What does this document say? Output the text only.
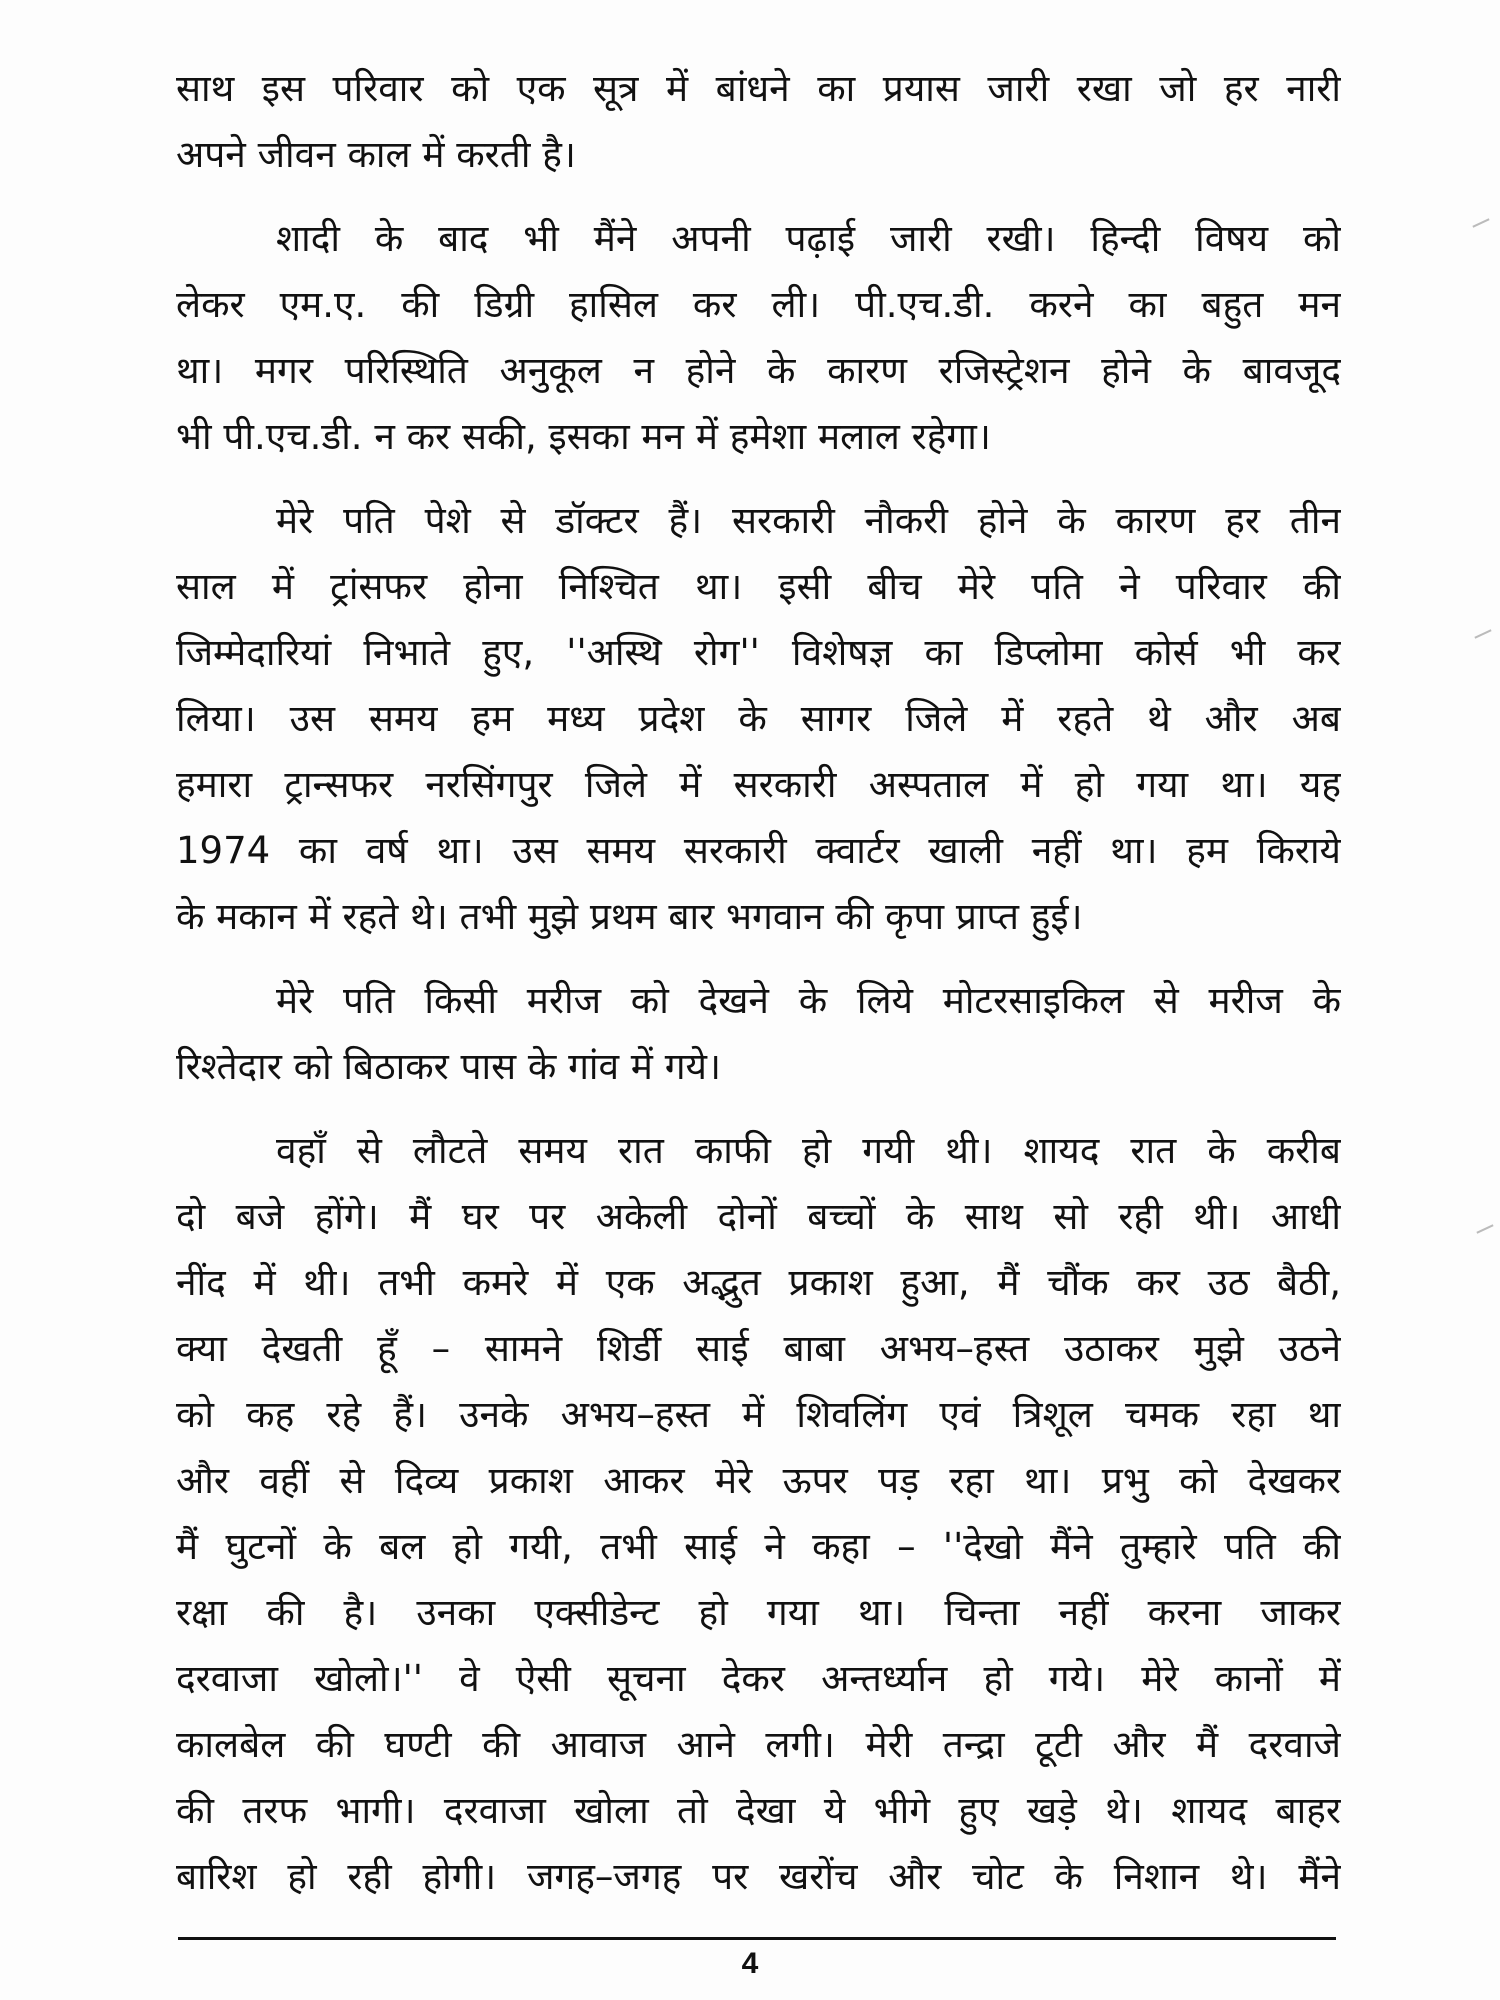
साथ इस परिवार को एक सूत्र में बांधने का प्रयास जारी रखा जो हर नारी
अपने जीवन काल में करती है।
शादी के बाद भी मैंने अपनी पढ़ाई जारी रखी। हिन्दी विषय को
लेकर एम.ए. की डिग्री हासिल कर ली। पी.एच.डी. करने का बहुत मन
था। मगर परिस्थिति अनुकूल न होने के कारण रजिस्ट्रेशन होने के बावजूद
भी पी.एच.डी. न कर सकी, इसका मन में हमेशा मलाल रहेगा।
मेरे पति पेशे से डॉक्टर हैं। सरकारी नौकरी होने के कारण हर तीन
साल में ट्रांसफर होना निश्चित था। इसी बीच मेरे पति ने परिवार की
जिम्मेदारियां निभाते हुए, ''अस्थि रोग'' विशेषज्ञ का डिप्लोमा कोर्स भी कर
लिया। उस समय हम मध्य प्रदेश के सागर जिले में रहते थे और अब
हमारा ट्रान्सफर नरसिंगपुर जिले में सरकारी अस्पताल में हो गया था। यह
1974 का वर्ष था। उस समय सरकारी क्वार्टर खाली नहीं था। हम किराये
के मकान में रहते थे। तभी मुझे प्रथम बार भगवान की कृपा प्राप्त हुई।
मेरे पति किसी मरीज को देखने के लिये मोटरसाइकिल से मरीज के
रिश्तेदार को बिठाकर पास के गांव में गये।
वहाँ से लौटते समय रात काफी हो गयी थी। शायद रात के करीब
दो बजे होंगे। मैं घर पर अकेली दोनों बच्चों के साथ सो रही थी। आधी
नींद में थी। तभी कमरे में एक अद्भुत प्रकाश हुआ, मैं चौंक कर उठ बैठी,
क्या देखती हूँ – सामने शिर्डी साई बाबा अभय–हस्त उठाकर मुझे उठने
को कह रहे हैं। उनके अभय–हस्त में शिवलिंग एवं त्रिशूल चमक रहा था
और वहीं से दिव्य प्रकाश आकर मेरे ऊपर पड़ रहा था। प्रभु को देखकर
मैं घुटनों के बल हो गयी, तभी साई ने कहा – ''देखो मैंने तुम्हारे पति की
रक्षा की है। उनका एक्सीडेन्ट हो गया था। चिन्ता नहीं करना जाकर
दरवाजा खोलो।'' वे ऐसी सूचना देकर अन्तर्ध्यान हो गये। मेरे कानों में
कालबेल की घण्टी की आवाज आने लगी। मेरी तन्द्रा टूटी और मैं दरवाजे
की तरफ भागी। दरवाजा खोला तो देखा ये भीगे हुए खड़े थे। शायद बाहर
बारिश हो रही होगी। जगह–जगह पर खरोंच और चोट के निशान थे। मैंने
4
